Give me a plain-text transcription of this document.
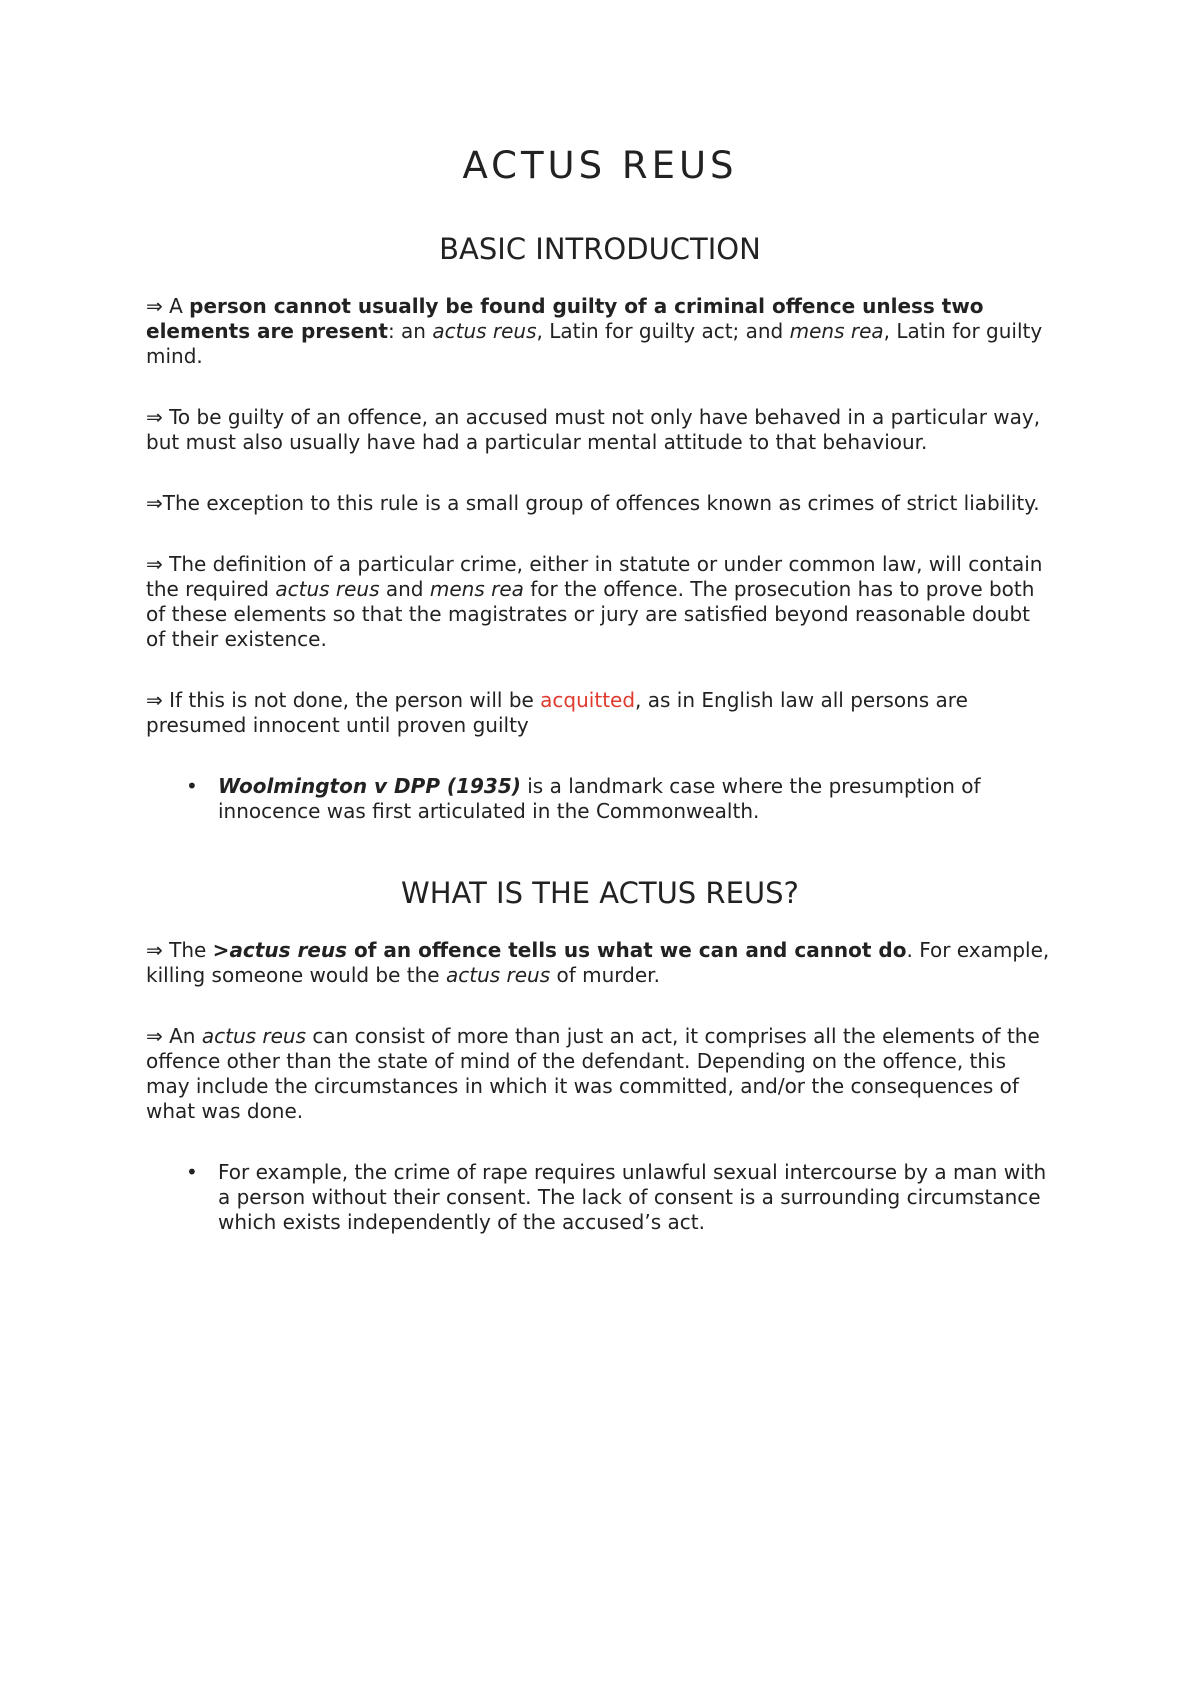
ACTUS REUS
BASIC INTRODUCTION

⇒ A person cannot usually be found guilty of a criminal offence unless two elements are present: an actus reus, Latin for guilty act; and mens rea, Latin for guilty mind.

⇒ To be guilty of an offence, an accused must not only have behaved in a particular way, but must also usually have had a particular mental attitude to that behaviour.

⇒The exception to this rule is a small group of offences known as crimes of strict liability.

⇒ The definition of a particular crime, either in statute or under common law, will contain the required actus reus and mens rea for the offence. The prosecution has to prove both of these elements so that the magistrates or jury are satisfied beyond reasonable doubt of their existence.

⇒ If this is not done, the person will be acquitted, as in English law all persons are presumed innocent until proven guilty

• Woolmington v DPP (1935) is a landmark case where the presumption of innocence was first articulated in the Commonwealth.
WHAT IS THE ACTUS REUS?

⇒ The >actus reus of an offence tells us what we can and cannot do. For example, killing someone would be the actus reus of murder.

⇒ An actus reus can consist of more than just an act, it comprises all the elements of the offence other than the state of mind of the defendant. Depending on the offence, this may include the circumstances in which it was committed, and/or the consequences of what was done.

• For example, the crime of rape requires unlawful sexual intercourse by a man with a person without their consent. The lack of consent is a surrounding circumstance which exists independently of the accused’s act.
